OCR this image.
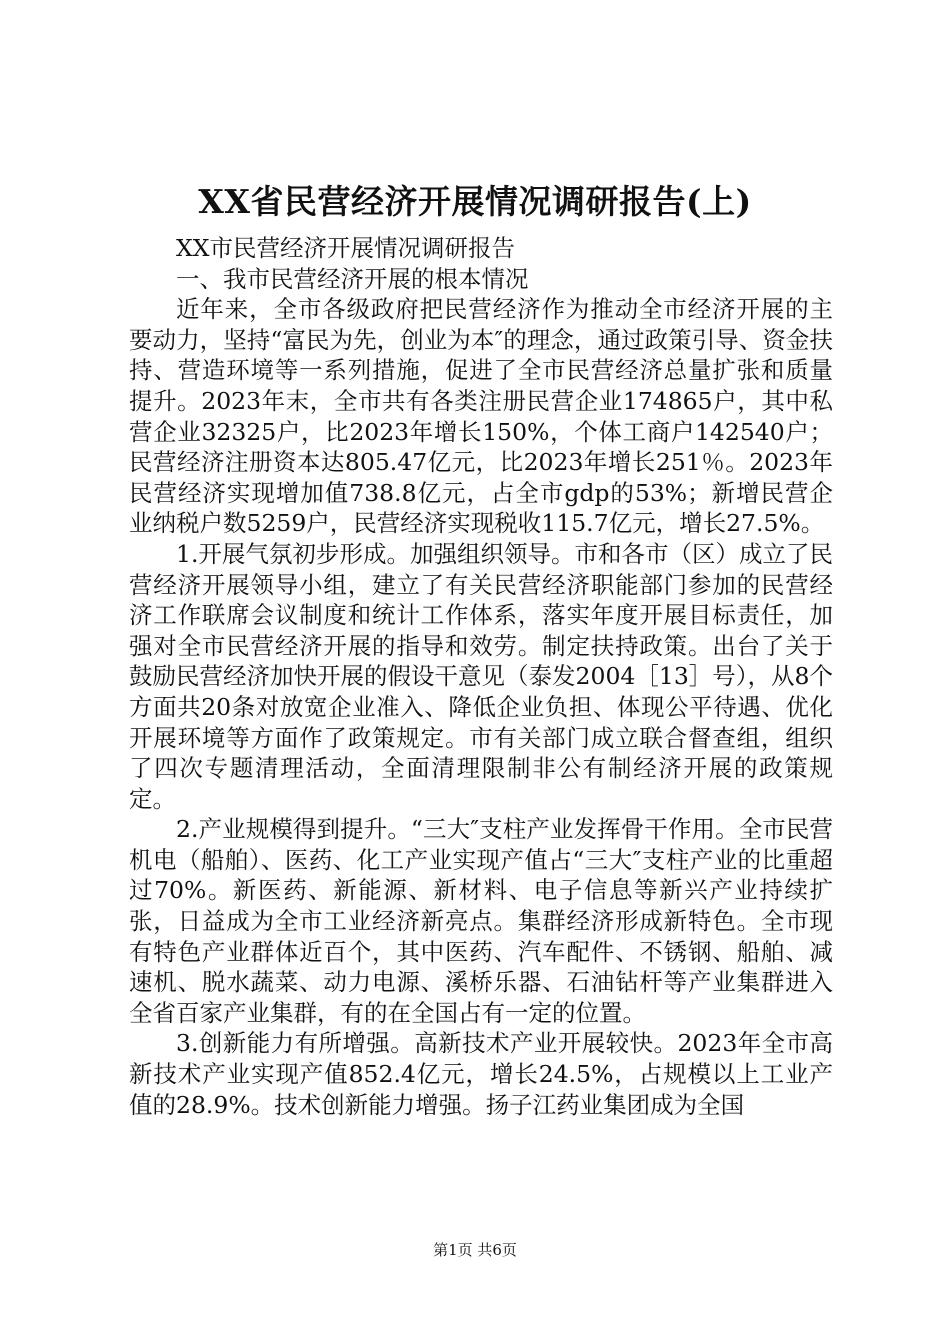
XX省民营经济开展情况调研报告(上)

XX市民营经济开展情况调研报告

一、我市民营经济开展的根本情况

近年来，全市各级政府把民营经济作为推动全市经济开展的主要动力，坚持“富民为先，创业为本″的理念，通过政策引导、资金扶持、营造环境等一系列措施，促进了全市民营经济总量扩张和质量提升。2023年末，全市共有各类注册民营企业174865户，其中私营企业32325户，比2023年增长150%，个体工商户142540户；民营经济注册资本达805.47亿元，比2023年增长251％。2023年民营经济实现增加值738.8亿元，占全市gdp的53%；新增民营企业纳税户数5259户，民营经济实现税收115.7亿元，增长27.5%。

1.开展气氛初步形成。加强组织领导。市和各市（区）成立了民营经济开展领导小组，建立了有关民营经济职能部门参加的民营经济工作联席会议制度和统计工作体系，落实年度开展目标责任，加强对全市民营经济开展的指导和效劳。制定扶持政策。出台了关于鼓励民营经济加快开展的假设干意见（泰发2004［13］号），从8个方面共20条对放宽企业准入、降低企业负担、体现公平待遇、优化开展环境等方面作了政策规定。市有关部门成立联合督查组，组织了四次专题清理活动，全面清理限制非公有制经济开展的政策规定。

2.产业规模得到提升。“三大″支柱产业发挥骨干作用。全市民营机电（船舶）、医药、化工产业实现产值占“三大″支柱产业的比重超过70%。新医药、新能源、新材料、电子信息等新兴产业持续扩张，日益成为全市工业经济新亮点。集群经济形成新特色。全市现有特色产业群体近百个，其中医药、汽车配件、不锈钢、船舶、减速机、脱水蔬菜、动力电源、溪桥乐器、石油钻杆等产业集群进入全省百家产业集群，有的在全国占有一定的位置。

3.创新能力有所增强。高新技术产业开展较快。2023年全市高新技术产业实现产值852.4亿元，增长24.5%，占规模以上工业产值的28.9%。技术创新能力增强。扬子江药业集团成为全国

第1页 共6页
